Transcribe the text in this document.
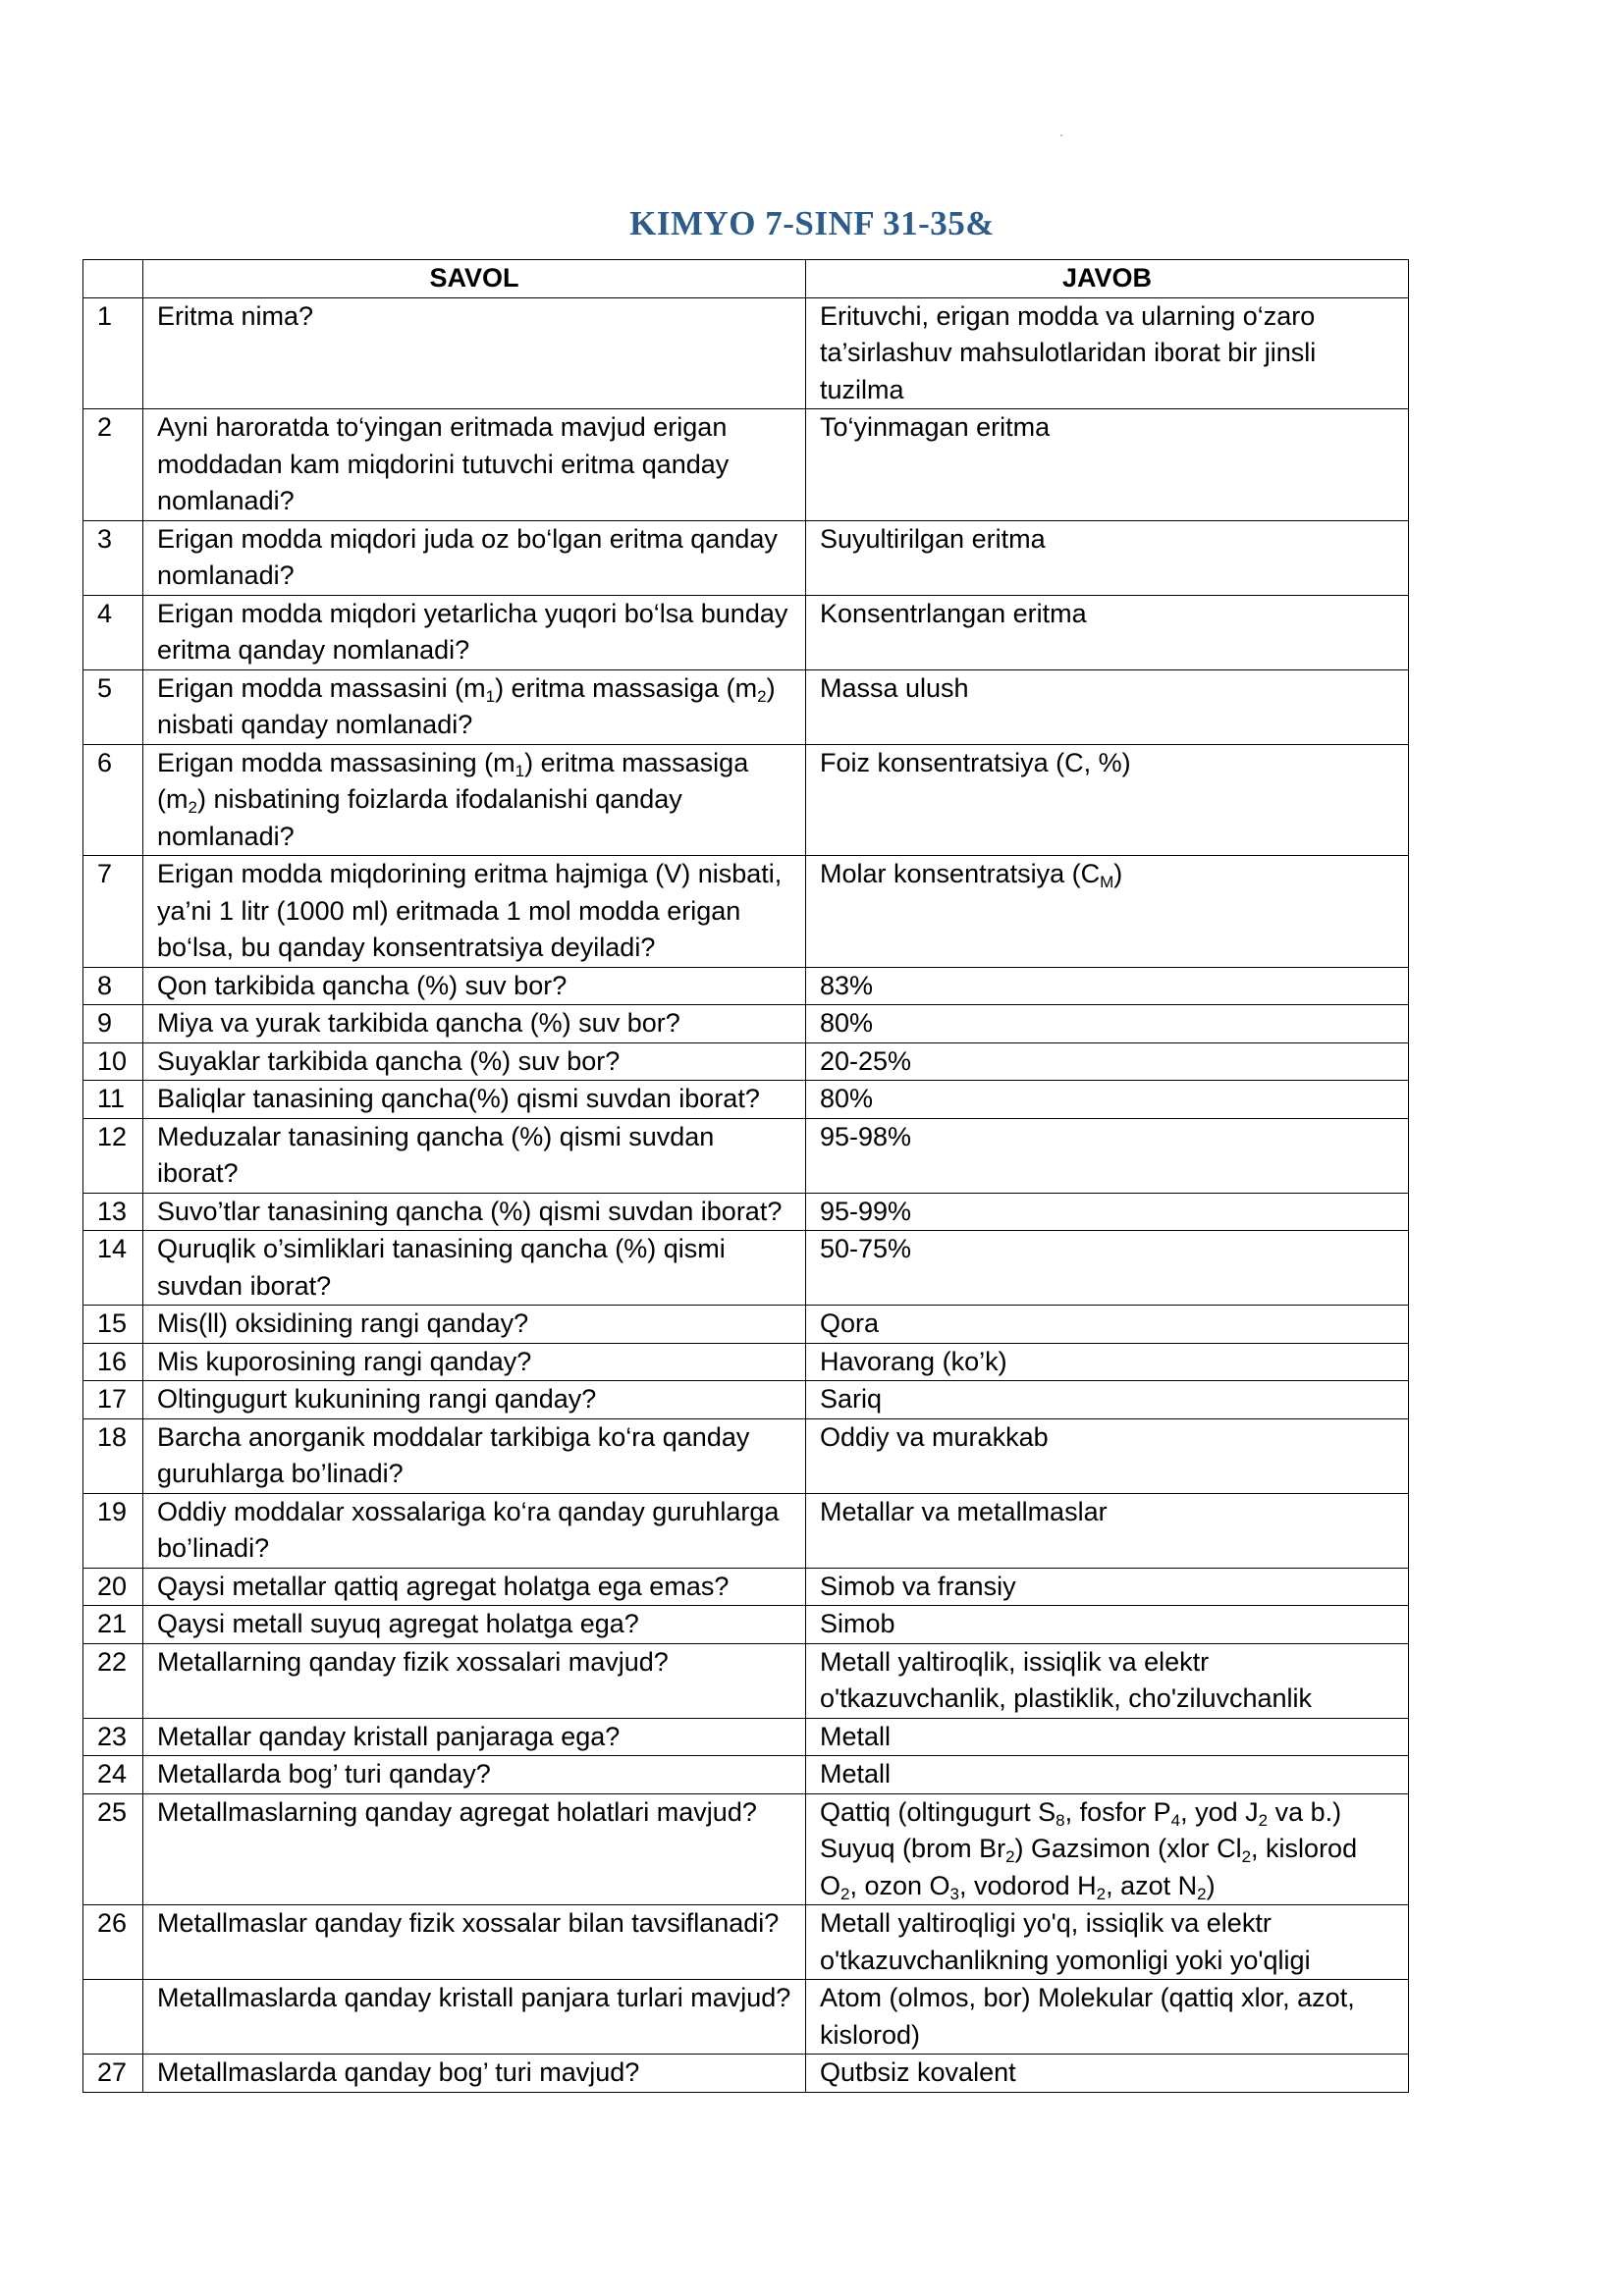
KIMYO 7-SINF 31-35&
	SAVOL	JAVOB
1	Eritma nima?	Erituvchi, erigan modda va ularning o‘zaro ta’sirlashuv mahsulotlaridan iborat bir jinsli tuzilma
2	Ayni haroratda to‘yingan eritmada mavjud erigan moddadan kam miqdorini tutuvchi eritma qanday nomlanadi?	To‘yinmagan eritma
3	Erigan modda miqdori juda oz bo‘lgan eritma qanday nomlanadi?	Suyultirilgan eritma
4	Erigan modda miqdori yetarlicha yuqori bo‘lsa bunday eritma qanday nomlanadi?	Konsentrlangan eritma
5	Erigan modda massasini $(m_1)$ eritma massasiga $(m_2)$ nisbati qanday nomlanadi?	Massa ulush
6	Erigan modda massasining $(m_1)$ eritma massasiga $(m_2)$ nisbatining foizlarda ifodalanishi qanday nomlanadi?	Foiz konsentratsiya (C, %)
7	Erigan modda miqdorining eritma hajmiga (V) nisbati, ya’ni 1 litr (1000 ml) eritmada 1 mol modda erigan bo‘lsa, bu qanday konsentratsiya deyiladi?	Molar konsentratsiya $(C_M)$
8	Qon tarkibida qancha (%) suv bor?	83%
9	Miya va yurak tarkibida qancha (%) suv bor?	80%
10	Suyaklar tarkibida qancha (%) suv bor?	20-25%
11	Baliqlar tanasining qancha(%) qismi suvdan iborat?	80%
12	Meduzalar tanasining qancha (%) qismi suvdan iborat?	95-98%
13	Suvo’tlar tanasining qancha (%) qismi suvdan iborat?	95-99%
14	Quruqlik o’simliklari tanasining qancha (%) qismi suvdan iborat?	50-75%
15	Mis(ll) oksidining rangi qanday?	Qora
16	Mis kuporosining rangi qanday?	Havorang (ko’k)
17	Oltingugurt kukunining rangi qanday?	Sariq
18	Barcha anorganik moddalar tarkibiga ko‘ra qanday guruhlarga bo’linadi?	Oddiy va murakkab
19	Oddiy moddalar xossalariga ko‘ra qanday guruhlarga bo’linadi?	Metallar va metallmaslar
20	Qaysi metallar qattiq agregat holatga ega emas?	Simob va fransiy
21	Qaysi metall suyuq agregat holatga ega?	Simob
22	Metallarning qanday fizik xossalari mavjud?	Metall yaltiroqlik, issiqlik va elektr o'tkazuvchanlik, plastiklik, cho'ziluvchanlik
23	Metallar qanday kristall panjaraga ega?	Metall
24	Metallarda bog’ turi qanday?	Metall
25	Metallmaslarning qanday agregat holatlari mavjud?	Qattiq (oltingugurt $S_8$, fosfor $P_4$, yod $J_2$ va b.) Suyuq (brom $Br_2$) Gazsimon (xlor $Cl_2$, kislorod $O_2$, ozon $O_3$, vodorod $H_2$, azot $N_2$)
26	Metallmaslar qanday fizik xossalar bilan tavsiflanadi?	Metall yaltiroqligi yo'q, issiqlik va elektr o'tkazuvchanlikning yomonligi yoki yo'qligi
	Metallmaslarda qanday kristall panjara turlari mavjud?	Atom (olmos, bor) Molekular (qattiq xlor, azot, kislorod)
27	Metallmaslarda qanday bog’ turi mavjud?	Qutbsiz kovalent
